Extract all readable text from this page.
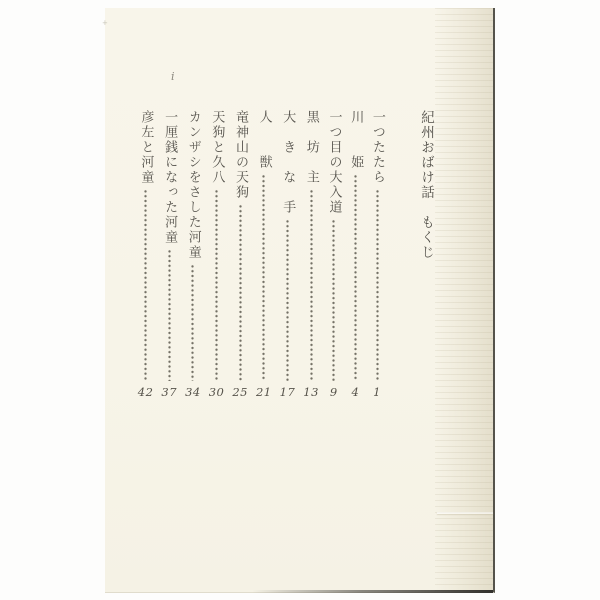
+
i
紀州おばけ話　もくじ
一つたたら
1
川　　姫
4
一つ目の大入道
9
黒　坊　主
13
大　き　な　手
17
人　　獣
21
竜神山の天狗
25
天狗と久八
30
カンザシをさした河童
34
一厘銭になった河童
37
彦左と河童
42
